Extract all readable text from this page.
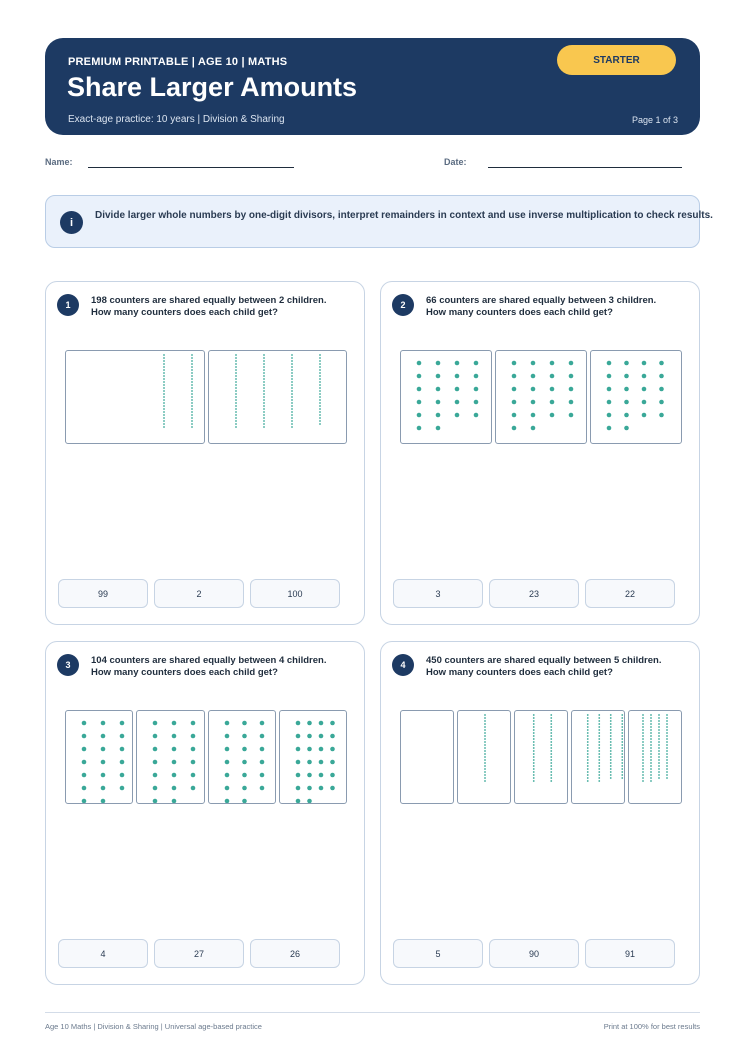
PREMIUM PRINTABLE | AGE 10 | MATHS
Share Larger Amounts
Exact-age practice: 10 years | Division & Sharing
STARTER
Page 1 of 3
Name:	Date:
i
Divide larger whole numbers by one-digit divisors, interpret remainders in context and use inverse multiplication to check results.
1	198 counters are shared equally between 2 children. How many counters does each child get?
99	2	100
2	66 counters are shared equally between 3 children. How many counters does each child get?
3	23	22
3	104 counters are shared equally between 4 children. How many counters does each child get?
4	27	26
4	450 counters are shared equally between 5 children. How many counters does each child get?
5	90	91
Age 10 Maths | Division & Sharing | Universal age-based practice	Print at 100% for best results
